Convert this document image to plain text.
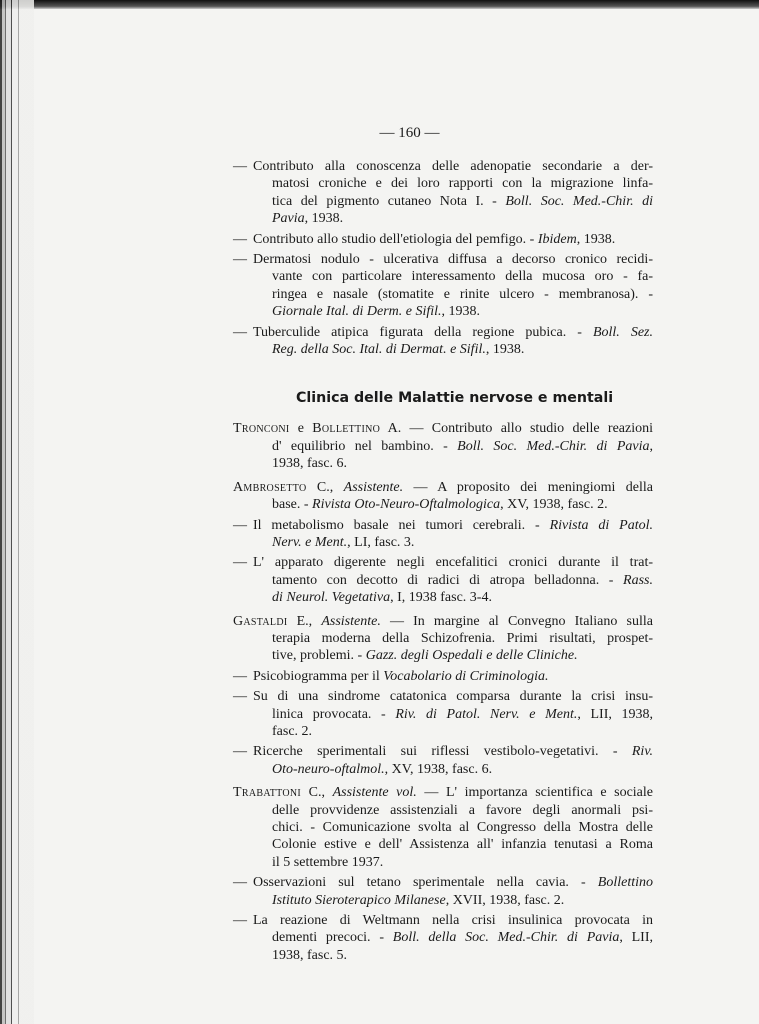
— 160 —
— Contributo alla conoscenza delle adenopatie secondarie a der-
matosi croniche e dei loro rapporti con la migrazione linfa-
tica del pigmento cutaneo Nota I. - Boll. Soc. Med.-Chir. di
Pavia, 1938.
— Contributo allo studio dell'etiologia del pemfigo. - Ibidem, 1938.
— Dermatosi nodulo - ulcerativa diffusa a decorso cronico recidi-
vante con particolare interessamento della mucosa oro - fa-
ringea e nasale (stomatite e rinite ulcero - membranosa). -
Giornale Ital. di Derm. e Sifil., 1938.
— Tuberculide atipica figurata della regione pubica. - Boll. Sez.
Reg. della Soc. Ital. di Dermat. e Sifil., 1938.
Clinica delle Malattie nervose e mentali
Tronconi e Bollettino A. — Contributo allo studio delle reazioni
d' equilibrio nel bambino. - Boll. Soc. Med.-Chir. di Pavia,
1938, fasc. 6.
Ambrosetto C., Assistente. — A proposito dei meningiomi della
base. - Rivista Oto-Neuro-Oftalmologica, XV, 1938, fasc. 2.
— Il metabolismo basale nei tumori cerebrali. - Rivista di Patol.
Nerv. e Ment., LI, fasc. 3.
— L' apparato digerente negli encefalitici cronici durante il trat-
tamento con decotto di radici di atropa belladonna. - Rass.
di Neurol. Vegetativa, I, 1938 fasc. 3-4.
Gastaldi E., Assistente. — In margine al Convegno Italiano sulla
terapia moderna della Schizofrenia. Primi risultati, prospet-
tive, problemi. - Gazz. degli Ospedali e delle Cliniche.
— Psicobiogramma per il Vocabolario di Criminologia.
— Su di una sindrome catatonica comparsa durante la crisi insu-
linica provocata. - Riv. di Patol. Nerv. e Ment., LII, 1938,
fasc. 2.
— Ricerche sperimentali sui riflessi vestibolo-vegetativi. - Riv.
Oto-neuro-oftalmol., XV, 1938, fasc. 6.
Trabattoni C., Assistente vol. — L' importanza scientifica e sociale
delle provvidenze assistenziali a favore degli anormali psi-
chici. - Comunicazione svolta al Congresso della Mostra delle
Colonie estive e dell' Assistenza all' infanzia tenutasi a Roma
il 5 settembre 1937.
— Osservazioni sul tetano sperimentale nella cavia. - Bollettino
Istituto Sieroterapico Milanese, XVII, 1938, fasc. 2.
— La reazione di Weltmann nella crisi insulinica provocata in
dementi precoci. - Boll. della Soc. Med.-Chir. di Pavia, LII,
1938, fasc. 5.
